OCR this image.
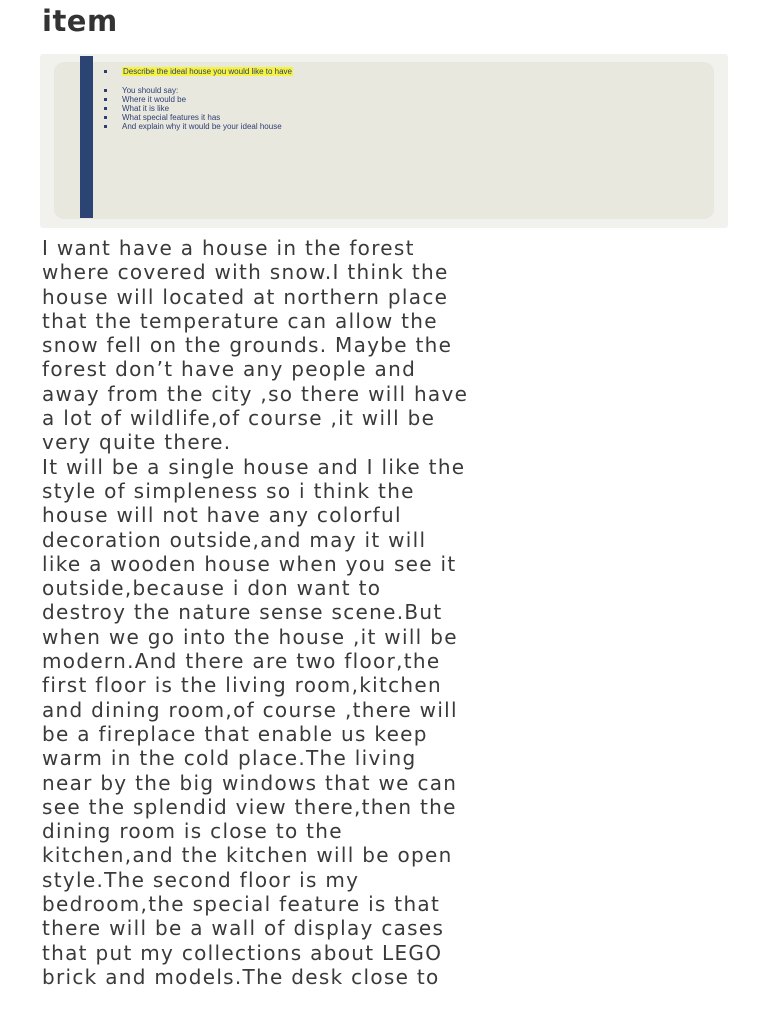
item
Describe the ideal house you would like to have
You should say:
Where it would be
What it is like
What special features it has
And explain why it would be your ideal house

I want have a house in the forest
where covered with snow.I think the
house will located at northern place
that the temperature can allow the
snow fell on the grounds. Maybe the
forest don’t have any people and
away from the city ,so there will have
a lot of wildlife,of course ,it will be
very quite there.

It will be a single house and I like the
style of simpleness so i think the
house will not have any colorful
decoration outside,and may it will
like a wooden house when you see it
outside,because i don want to
destroy the nature sense scene.But
when we go into the house ,it will be
modern.And there are two floor,the
first floor is the living room,kitchen
and dining room,of course ,there will
be a fireplace that enable us keep
warm in the cold place.The living
near by the big windows that we can
see the splendid view there,then the
dining room is close to the
kitchen,and the kitchen will be open
style.The second floor is my
bedroom,the special feature is that
there will be a wall of display cases
that put my collections about LEGO
brick and models.The desk close to
